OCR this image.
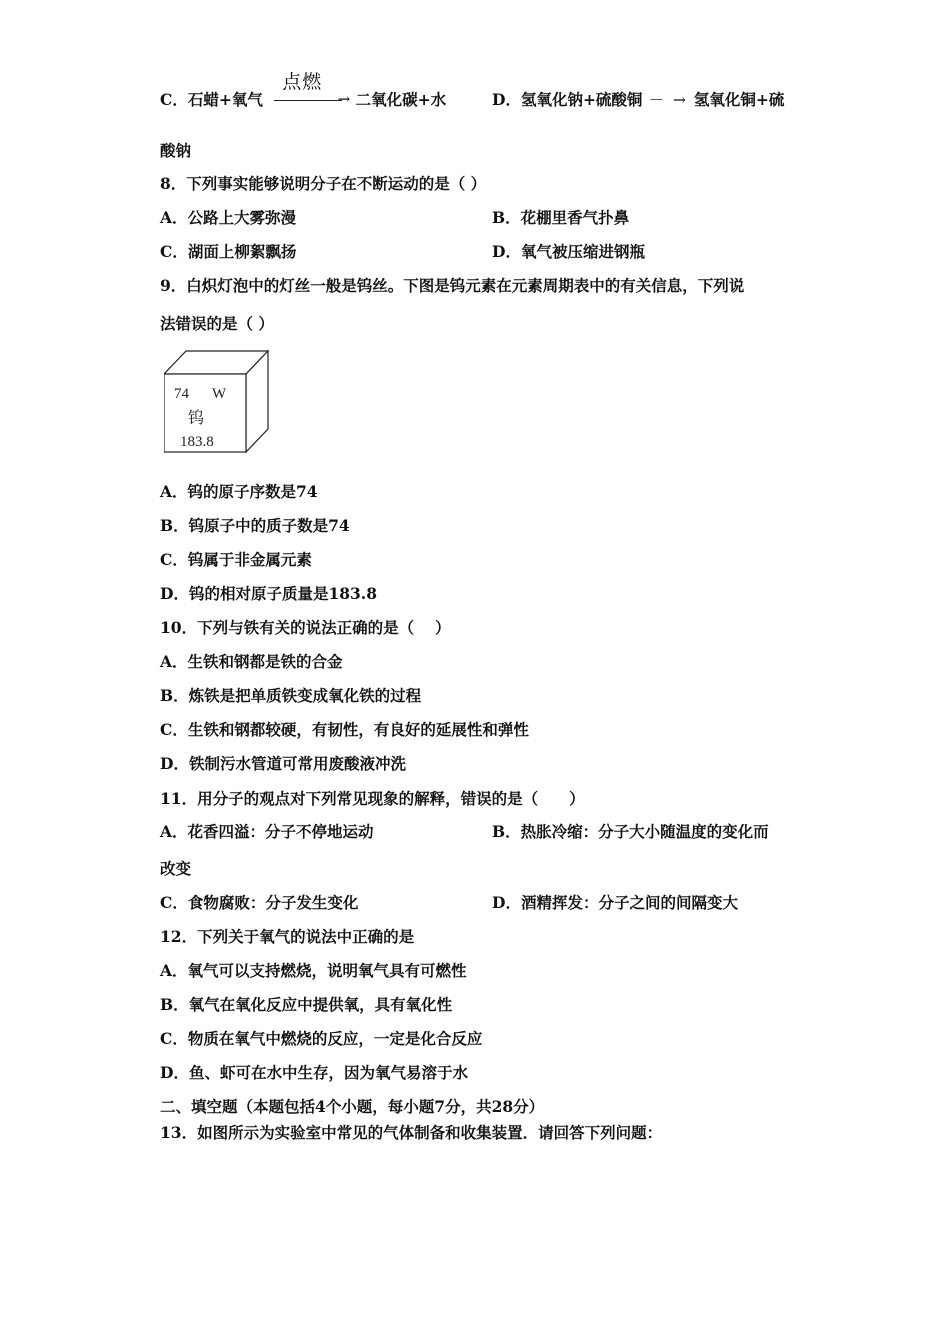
C．石蜡+氧气
点燃
→ 二氧化碳+水	D．氢氧化钠+硫酸铜 － → 氢氧化铜+硫
酸钠
8．下列事实能够说明分子在不断运动的是（ ）
A．公路上大雾弥漫	B．花棚里香气扑鼻
C．湖面上柳絮飘扬	D．氧气被压缩进钢瓶
9．白炽灯泡中的灯丝一般是钨丝。下图是钨元素在元素周期表中的有关信息，下列说
法错误的是（ ）
74 W
钨
183.8
A．钨的原子序数是74
B．钨原子中的质子数是74
C．钨属于非金属元素
D．钨的相对原子质量是183.8
10．下列与铁有关的说法正确的是（　 ）
A．生铁和钢都是铁的合金
B．炼铁是把单质铁变成氧化铁的过程
C．生铁和钢都较硬，有韧性，有良好的延展性和弹性
D．铁制污水管道可常用废酸液冲洗
11．用分子的观点对下列常见现象的解释，错误的是（　　）
A．花香四溢：分子不停地运动	B．热胀冷缩：分子大小随温度的变化而
改变
C．食物腐败：分子发生变化	D．酒精挥发：分子之间的间隔变大
12．下列关于氧气的说法中正确的是
A．氧气可以支持燃烧，说明氧气具有可燃性
B．氧气在氧化反应中提供氧，具有氧化性
C．物质在氧气中燃烧的反应，一定是化合反应
D．鱼、虾可在水中生存，因为氧气易溶于水
二、填空题（本题包括4个小题，每小题7分，共28分）
13．如图所示为实验室中常见的气体制备和收集装置．请回答下列问题：
